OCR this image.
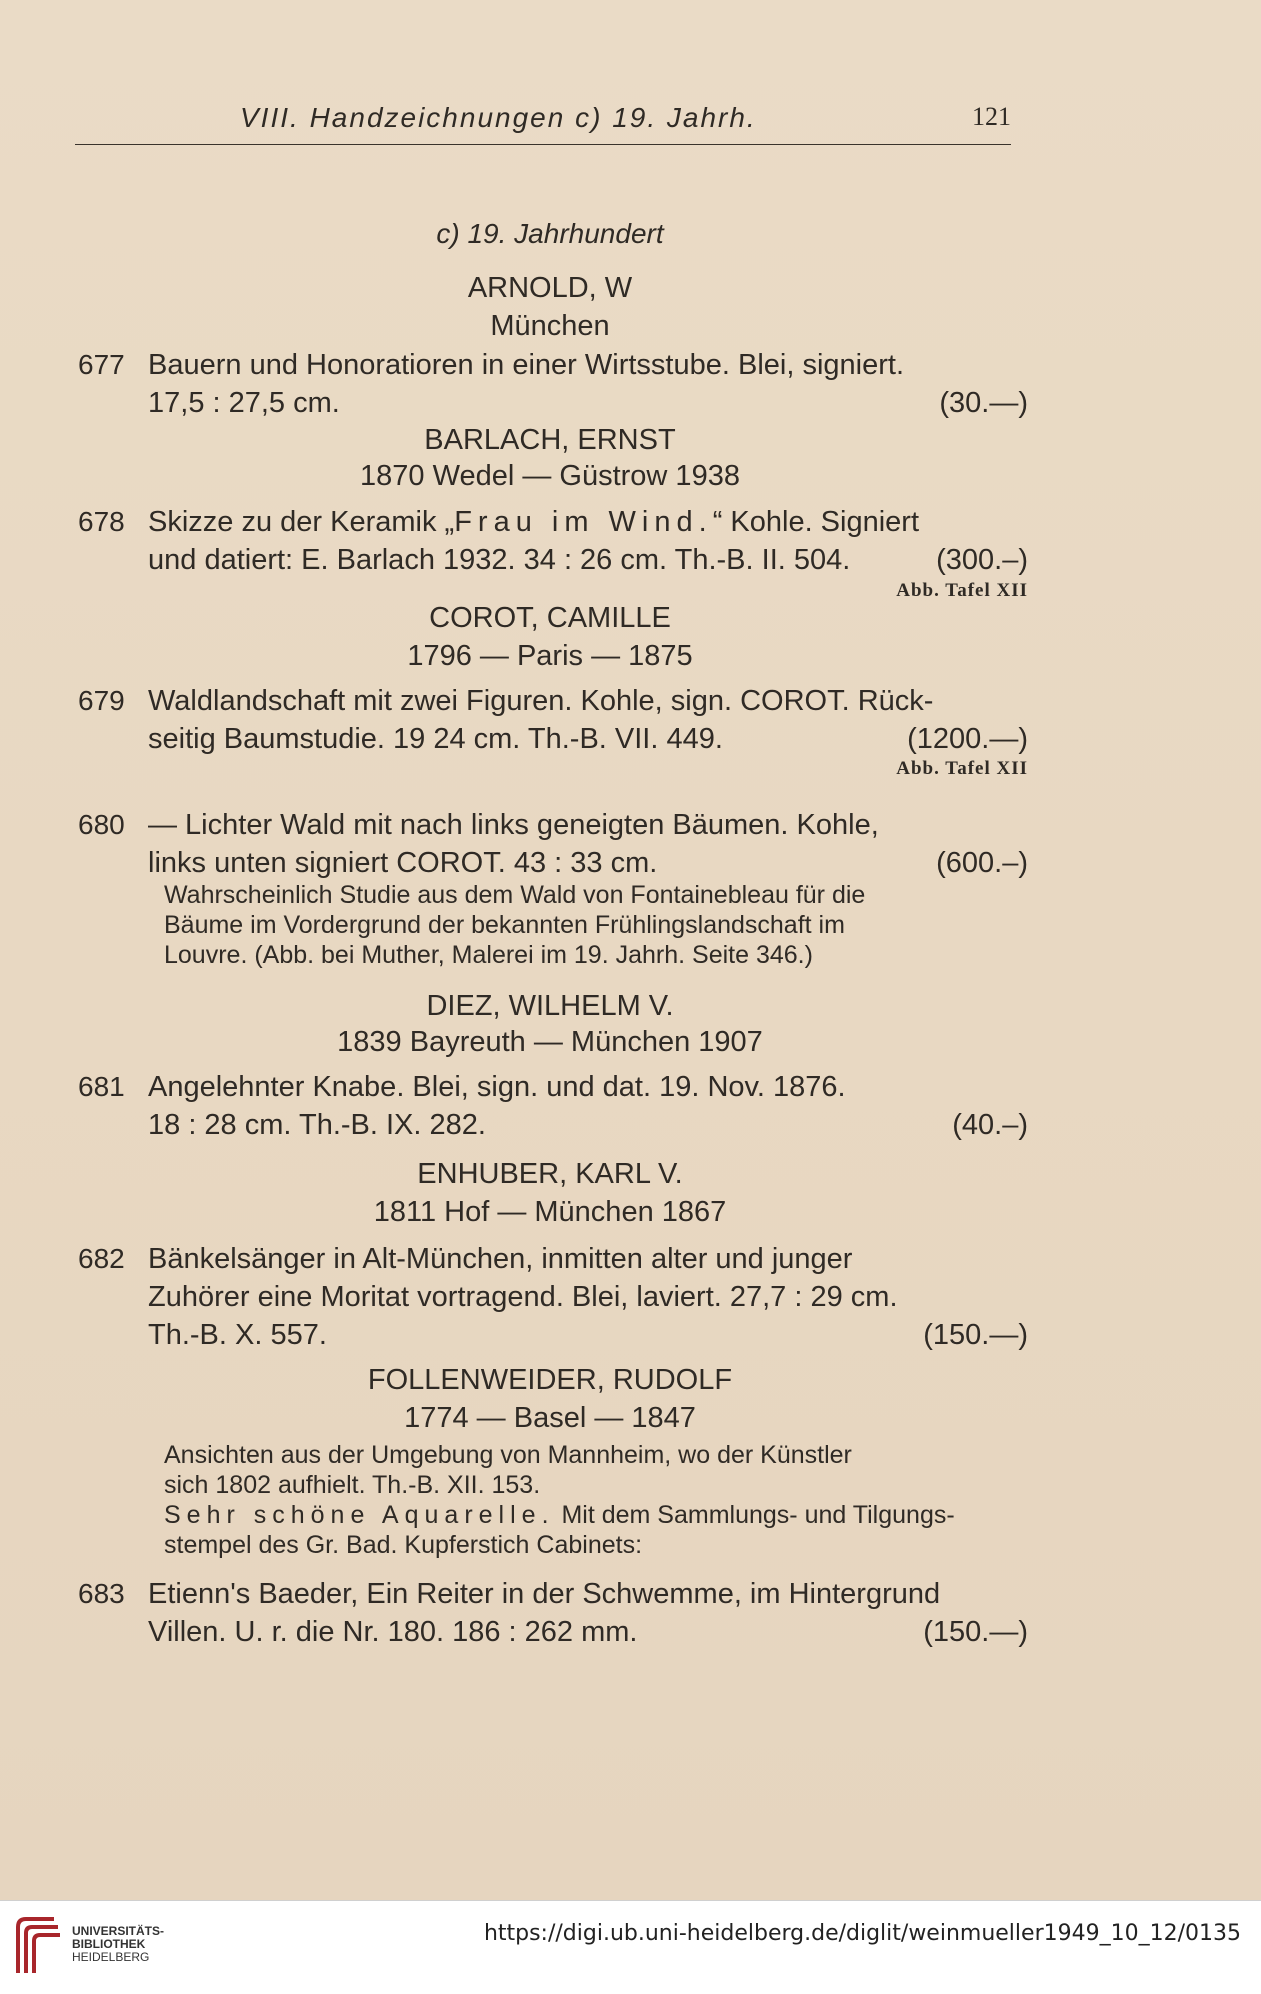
VIII. Handzeichnungen c) 19. Jahrh.	121
c) 19. Jahrhundert
ARNOLD, W
München
677 Bauern und Honoratioren in einer Wirtsstube. Blei, signiert.
17,5 : 27,5 cm.	(30.—)
BARLACH, ERNST
1870 Wedel — Güstrow 1938
678 Skizze zu der Keramik „Frau im Wind.“ Kohle. Signiert
und datiert: E. Barlach 1932. 34 : 26 cm. Th.-B. II. 504.	(300.–)
Abb. Tafel XII
COROT, CAMILLE
1796 — Paris — 1875
679 Waldlandschaft mit zwei Figuren. Kohle, sign. COROT. Rück-
seitig Baumstudie. 19 24 cm. Th.-B. VII. 449.	(1200.—)
Abb. Tafel XII
680 — Lichter Wald mit nach links geneigten Bäumen. Kohle,
links unten signiert COROT. 43 : 33 cm.	(600.–)
Wahrscheinlich Studie aus dem Wald von Fontainebleau für die
Bäume im Vordergrund der bekannten Frühlingslandschaft im
Louvre. (Abb. bei Muther, Malerei im 19. Jahrh. Seite 346.)
DIEZ, WILHELM V.
1839 Bayreuth — München 1907
681 Angelehnter Knabe. Blei, sign. und dat. 19. Nov. 1876.
18 : 28 cm. Th.-B. IX. 282.	(40.–)
ENHUBER, KARL V.
1811 Hof — München 1867
682 Bänkelsänger in Alt-München, inmitten alter und junger
Zuhörer eine Moritat vortragend. Blei, laviert. 27,7 : 29 cm.
Th.-B. X. 557.	(150.—)
FOLLENWEIDER, RUDOLF
1774 — Basel — 1847
Ansichten aus der Umgebung von Mannheim, wo der Künstler
sich 1802 aufhielt. Th.-B. XII. 153.
Sehr schöne Aquarelle. Mit dem Sammlungs- und Tilgungs-
stempel des Gr. Bad. Kupferstich Cabinets:
683 Etienn's Baeder, Ein Reiter in der Schwemme, im Hintergrund
Villen. U. r. die Nr. 180. 186 : 262 mm.	(150.—)
UNIVERSITÄTS-
BIBLIOTHEK
HEIDELBERG
https://digi.ub.uni-heidelberg.de/diglit/weinmueller1949_10_12/0135
